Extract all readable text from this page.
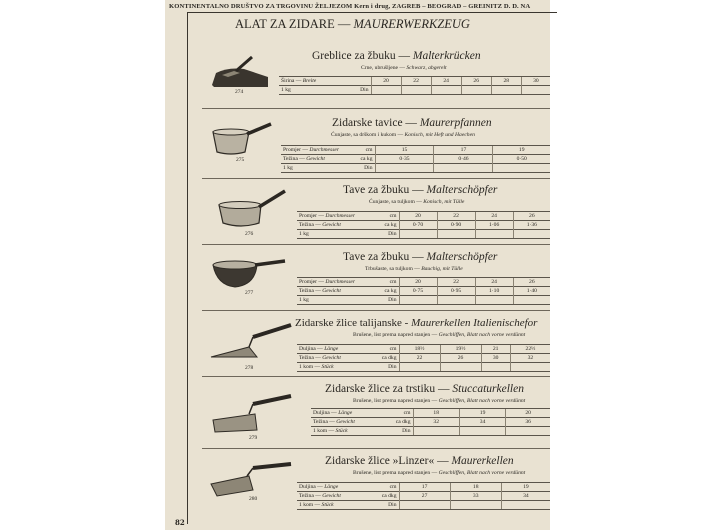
KONTINENTALNO DRUŠTVO ZA TRGOVINU ŽELJEZOM Kern i drug, ZAGREB – BEOGRAD – GREINITZ D. D. NA
ALAT ZA ZIDARE — MAURERWERKZEUG
Greblice za žbuku — Malterkrücken
Crne, ubrušljene — Schwarz, abgerelt
274
Širina — Breite		20	22	24	26	28	30
1 kg	Din						
Zidarske tavice — Maurerpfannen
Ćunjaste, sa drškom i kukom — Konisch, mit Heft und Haechen
275
Promjer — Durchmesser	cm	15	17	19
Težina — Gewicht	ca kg	0·35	0·46	0·50
1 kg	Din			
Tave za žbuku — Malterschöpfer
Ćunjaste, sa tuljkom — Konisch, mit Tülle
276
Promjer — Durchmesser	cm	20	22	24	26
Težina — Gewicht	ca kg	0·70	0·90	1·06	1·36
1 kg	Din				
Tave za žbuku — Malterschöpfer
Trbušaste, sa tuljkom — Bauchig, mit Tülle
277
Promjer — Durchmesser	cm	20	22	24	26
Težina — Gewicht	ca kg	0·75	0·95	1·10	1·40
1 kg	Din				
Zidarske žlice talijanske - Maurerkellen Italienischefor
Brušene, list prema napred stanjen — Geschliffen, Blatt nach vorne verdünnt
278
Duljina — Länge	cm	18½	19½	21	22½
Težina — Gewicht	ca dkg	22	26	30	32
1 kom — Stück	Din				
Zidarske žlice za trstiku — Stuccaturkellen
Brušene, list prema napred stanjen — Geschliffen, Blatt nach vorne verdünnt
279
Duljina — Länge	cm	18	19	20
Težina — Gewicht	ca dkg	32	34	36
1 kom — Stück	Din			
Zidarske žlice »Linzer« — Maurerkellen
Brušene, list prema napred stanjen — Geschliffen, Blatt nach vorne verdünnt
280
Duljina — Länge	cm	17	18	19
Težina — Gewicht	ca dkg	27	33	34
1 kom — Stück	Din			
82
